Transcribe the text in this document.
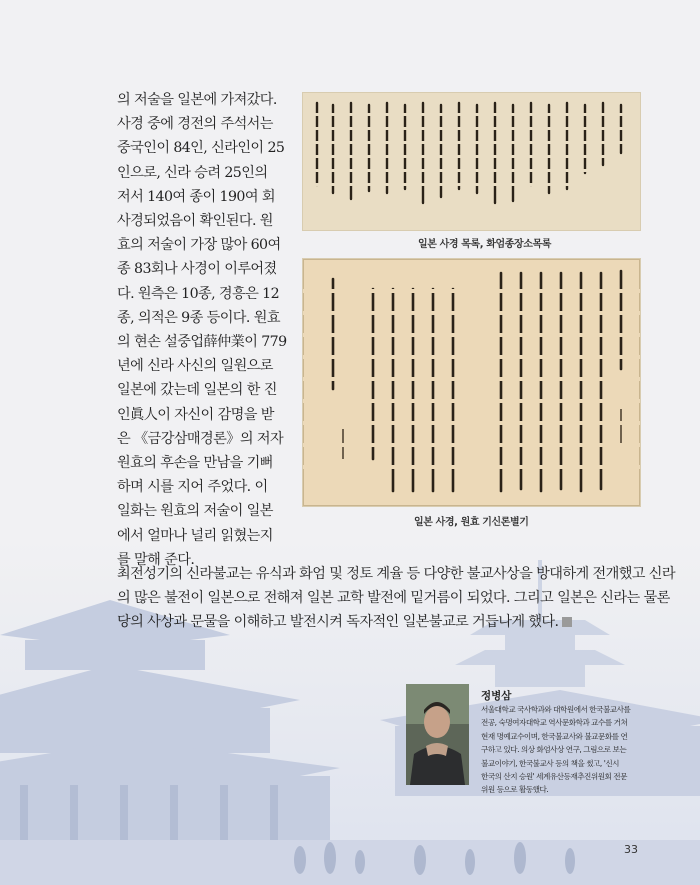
의 저술을 일본에 가져갔다.
사경 중에 경전의 주석서는
중국인이 84인, 신라인이 25
인으로, 신라 승려 25인의
저서 140여 종이 190여 회
사경되었음이 확인된다. 원
효의 저술이 가장 많아 60여
종 83회나 사경이 이루어졌
다. 원측은 10종, 경흥은 12
종, 의적은 9종 등이다. 원효
의 현손 설중업薛仲業이 779
년에 신라 사신의 일원으로
일본에 갔는데 일본의 한 진
인眞人이 자신이 감명을 받
은 《금강삼매경론》의 저자
원효의 후손을 만남을 기뻐
하며 시를 지어 주었다. 이
일화는 원효의 저술이 일본
에서 얼마나 널리 읽혔는지
를 말해 준다.

일본 사경 목록, 화엄종장소목록
일본 사경, 원효 기신론별기

최전성기의 신라불교는 유식과 화엄 및 정토 계율 등 다양한 불교사상을 방대하게 전개했고 신라
의 많은 불전이 일본으로 전해져 일본 교학 발전에 밑거름이 되었다. 그리고 일본은 신라는 물론
당의 사상과 문물을 이해하고 발전시켜 독자적인 일본불교로 거듭나게 했다.

정병삼

서울대학교 국사학과와 대학원에서 한국불교사를
전공, 숙명여자대학교 역사문화학과 교수를 거쳐
현재 명예교수이며, 한국불교사와 불교문화를 연
구하고 있다. 의상 화엄사상 연구, 그림으로 보는
불교이야기, 한국불교사 등의 책을 썼고, '신시
한국의 산지 승원' 세계유산등재추진위원회 전문
위원 등으로 활동했다.

33
